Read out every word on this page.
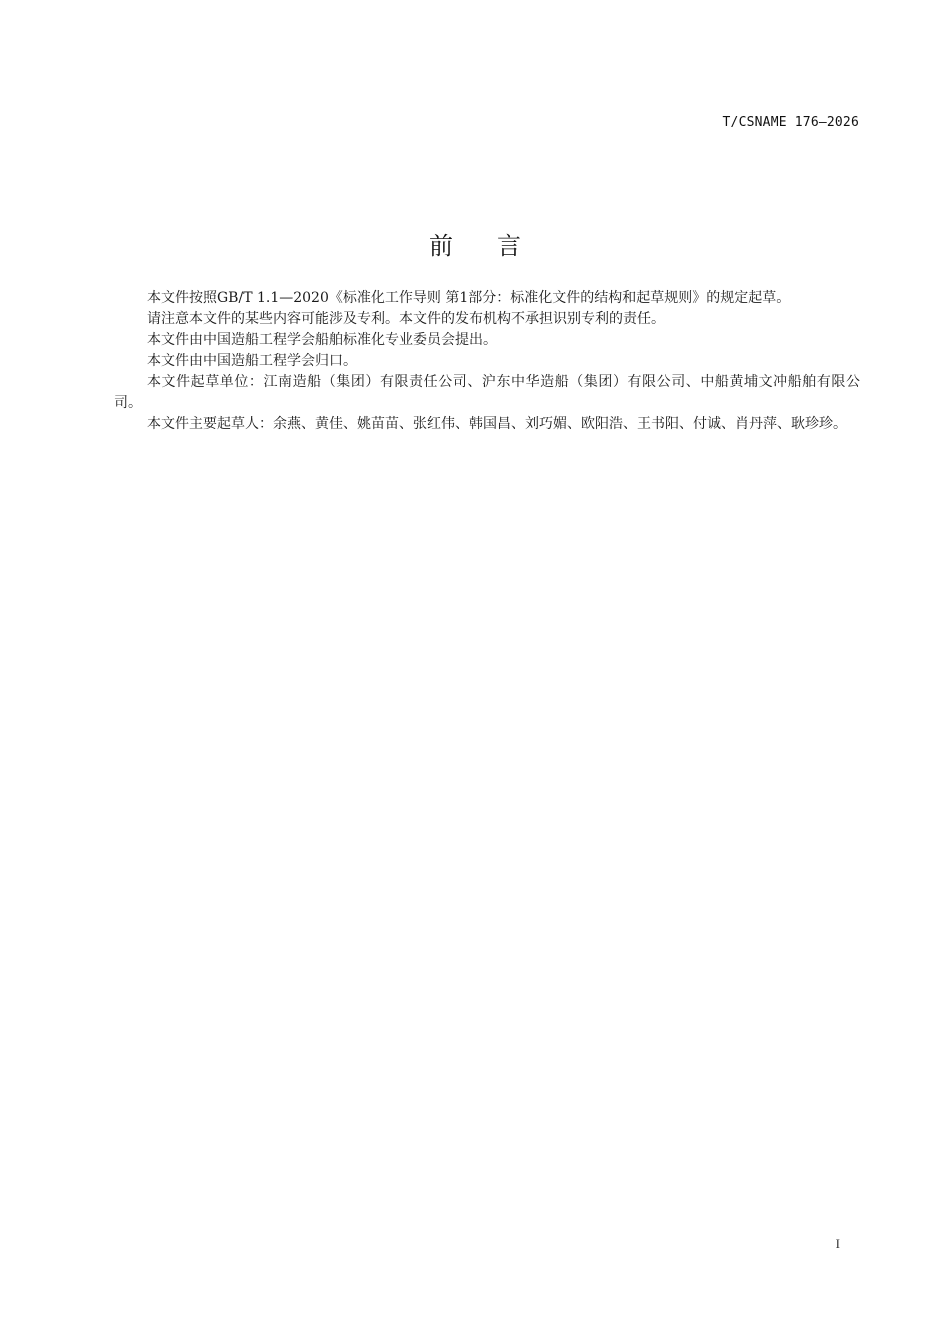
T/CSNAME 176—2026
前言

本文件按照GB/T 1.1—2020《标准化工作导则 第1部分：标准化文件的结构和起草规则》的规定起草。

请注意本文件的某些内容可能涉及专利。本文件的发布机构不承担识别专利的责任。

本文件由中国造船工程学会船舶标准化专业委员会提出。

本文件由中国造船工程学会归口。

本文件起草单位：江南造船（集团）有限责任公司、沪东中华造船（集团）有限公司、中船黄埔文冲船舶有限公司。

本文件主要起草人：余燕、黄佳、姚苗苗、张红伟、韩国昌、刘巧媚、欧阳浩、王书阳、付诚、肖丹萍、耿珍珍。

I
